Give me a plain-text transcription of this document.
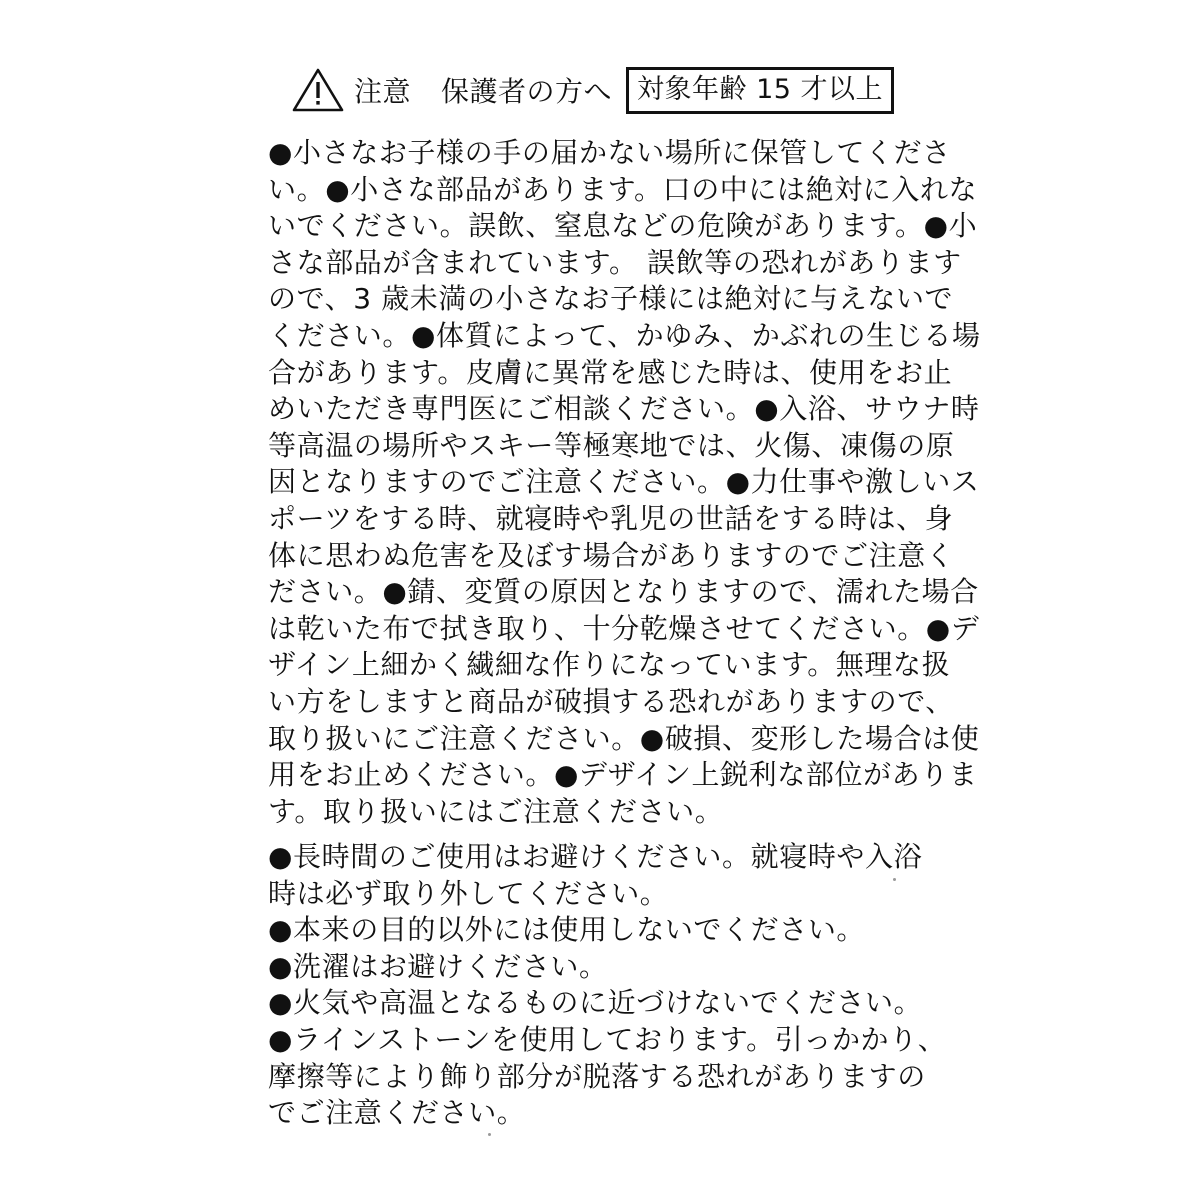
注意 保護者の方へ 対象年齢 15 才以上
●小さなお子様の手の届かない場所に保管してくださ
い。●小さな部品があります。口の中には絶対に入れな
いでください。誤飲、窒息などの危険があります。●小
さな部品が含まれています。 誤飲等の恐れがあります
ので、3 歳未満の小さなお子様には絶対に与えないで
ください。●体質によって、かゆみ、かぶれの生じる場
合があります。皮膚に異常を感じた時は、使用をお止
めいただき専門医にご相談ください。●入浴、サウナ時
等高温の場所やスキー等極寒地では、火傷、凍傷の原
因となりますのでご注意ください。●力仕事や激しいス
ポーツをする時、就寝時や乳児の世話をする時は、身
体に思わぬ危害を及ぼす場合がありますのでご注意く
ださい。●錆、変質の原因となりますので、濡れた場合
は乾いた布で拭き取り、十分乾燥させてください。●デ
ザイン上細かく繊細な作りになっています。無理な扱
い方をしますと商品が破損する恐れがありますので、
取り扱いにご注意ください。●破損、変形した場合は使
用をお止めください。●デザイン上鋭利な部位がありま
す。取り扱いにはご注意ください。
●長時間のご使用はお避けください。就寝時や入浴
時は必ず取り外してください。
●本来の目的以外には使用しないでください。
●洗濯はお避けください。
●火気や高温となるものに近づけないでください。
●ラインストーンを使用しております。引っかかり、
摩擦等により飾り部分が脱落する恐れがありますの
でご注意ください。
